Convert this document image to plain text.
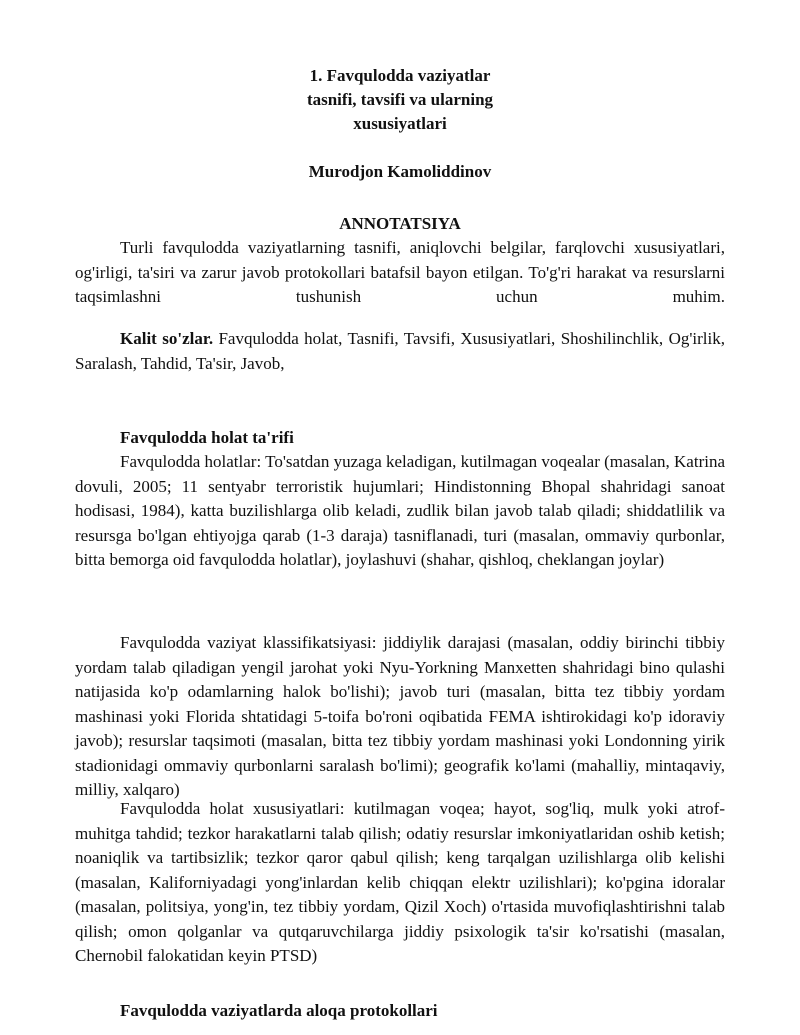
1. Favqulodda vaziyatlar
tasnifi, tavsifi va ularning
xususiyatlari
Murodjon Kamoliddinov
ANNOTATSIYA

Turli favqulodda vaziyatlarning tasnifi, aniqlovchi belgilar, farqlovchi xususiyatlari, og'irligi, ta'siri va zarur javob protokollari batafsil bayon etilgan. To'g'ri harakat va resurslarni taqsimlashni tushunish uchun muhim.

Kalit so'zlar. Favqulodda holat, Tasnifi, Tavsifi, Xususiyatlari, Shoshilinchlik, Og'irlik, Saralash, Tahdid, Ta'sir, Javob,

Favqulodda holat ta'rifi

Favqulodda holatlar: To'satdan yuzaga keladigan, kutilmagan voqealar (masalan, Katrina dovuli, 2005; 11 sentyabr terroristik hujumlari; Hindistonning Bhopal shahridagi sanoat hodisasi, 1984), katta buzilishlarga olib keladi, zudlik bilan javob talab qiladi; shiddatlilik va resursga bo'lgan ehtiyojga qarab (1-3 daraja) tasniflanadi, turi (masalan, ommaviy qurbonlar, bitta bemorga oid favqulodda holatlar), joylashuvi (shahar, qishloq, cheklangan joylar)

Favqulodda vaziyat klassifikatsiyasi: jiddiylik darajasi (masalan, oddiy birinchi tibbiy yordam talab qiladigan yengil jarohat yoki Nyu-Yorkning Manxetten shahridagi bino qulashi natijasida ko'p odamlarning halok bo'lishi); javob turi (masalan, bitta tez tibbiy yordam mashinasi yoki Florida shtatidagi 5-toifa bo'roni oqibatida FEMA ishtirokidagi ko'p idoraviy javob); resurslar taqsimoti (masalan, bitta tez tibbiy yordam mashinasi yoki Londonning yirik stadionidagi ommaviy qurbonlarni saralash bo'limi); geografik ko'lami (mahalliy, mintaqaviy, milliy, xalqaro)

Favqulodda holat xususiyatlari: kutilmagan voqea; hayot, sog'liq, mulk yoki atrof-muhitga tahdid; tezkor harakatlarni talab qilish; odatiy resurslar imkoniyatlaridan oshib ketish; noaniqlik va tartibsizlik; tezkor qaror qabul qilish; keng tarqalgan uzilishlarga olib kelishi (masalan, Kaliforniyadagi yong'inlardan kelib chiqqan elektr uzilishlari); ko'pgina idoralar (masalan, politsiya, yong'in, tez tibbiy yordam, Qizil Xoch) o'rtasida muvofiqlashtirishni talab qilish; omon qolganlar va qutqaruvchilarga jiddiy psixologik ta'sir ko'rsatishi (masalan, Chernobil falokatidan keyin PTSD)

Favqulodda vaziyatlarda aloqa protokollari
